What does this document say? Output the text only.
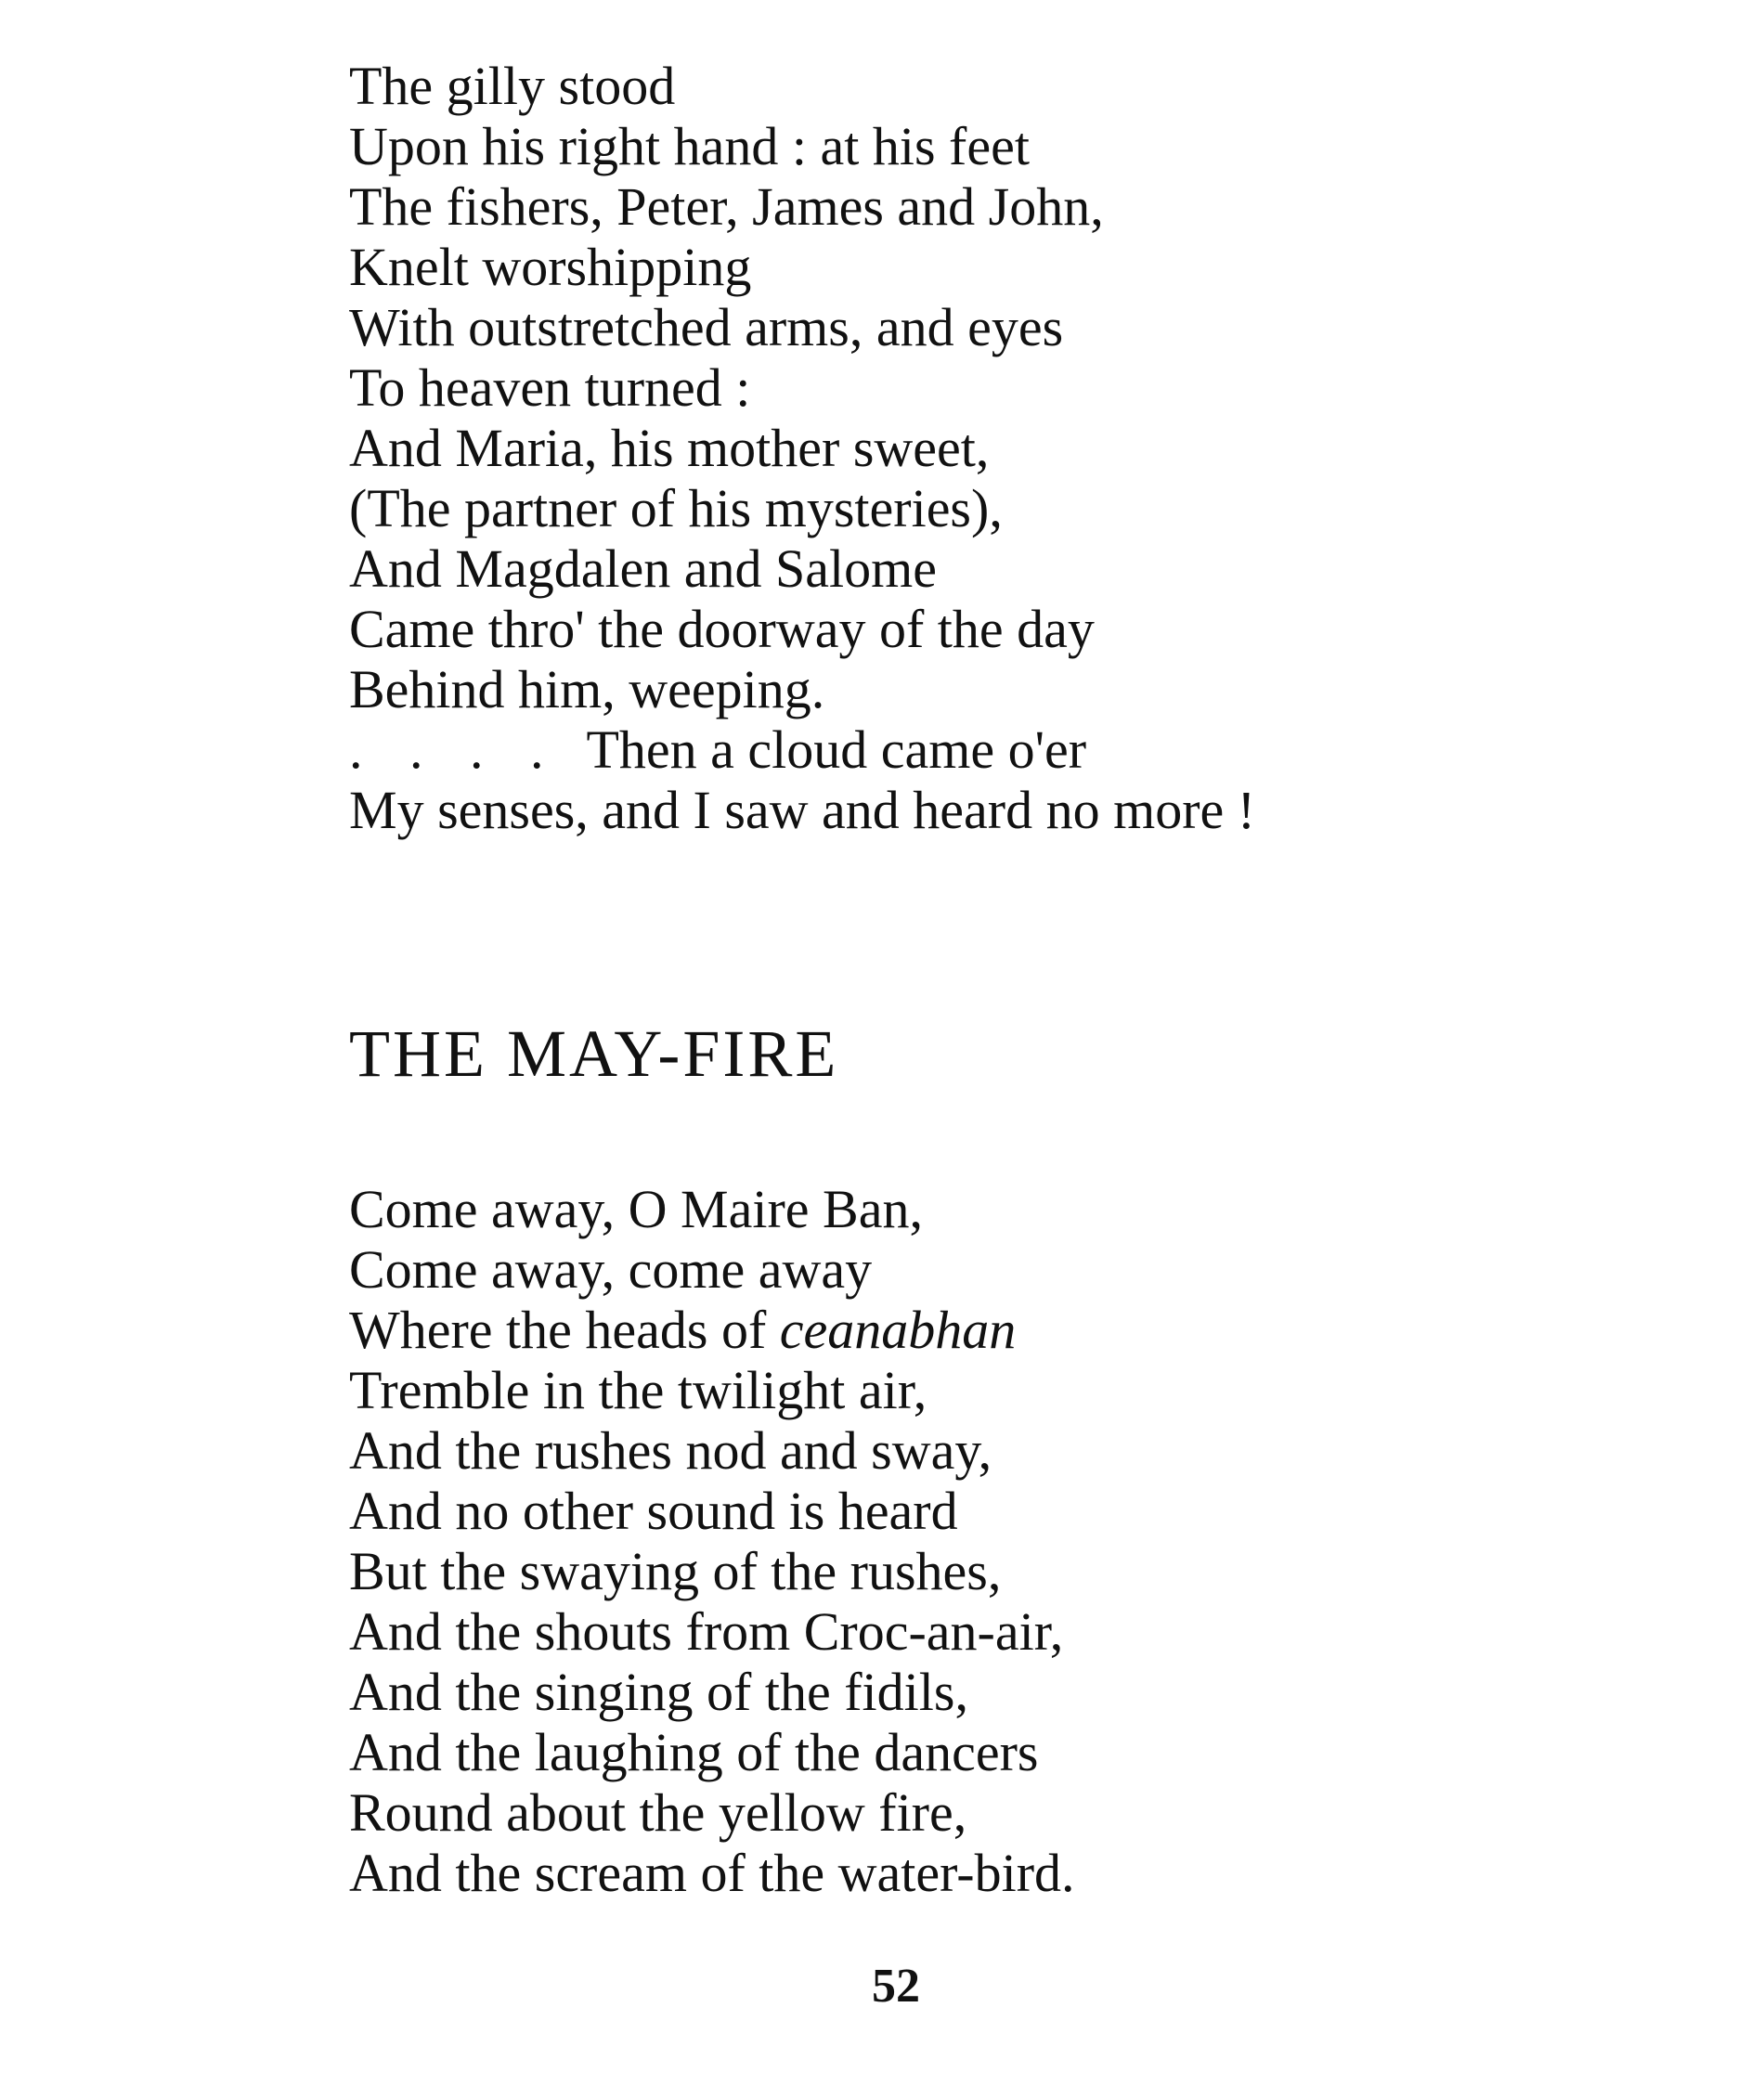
The gilly stood
Upon his right hand : at his feet
The fishers, Peter, James and John,
Knelt worshipping
With outstretched arms, and eyes
To heaven turned :
And Maria, his mother sweet,
(The partner of his mysteries),
And Magdalen and Salome
Came thro' the doorway of the day
Behind him, weeping.
. . . . Then a cloud came o'er
My senses, and I saw and heard no more !
THE MAY-FIRE
Come away, O Maire Ban,
Come away, come away
Where the heads of ceanabhan
Tremble in the twilight air,
And the rushes nod and sway,
And no other sound is heard
But the swaying of the rushes,
And the shouts from Croc-an-air,
And the singing of the fidils,
And the laughing of the dancers
Round about the yellow fire,
And the scream of the water-bird.
52
